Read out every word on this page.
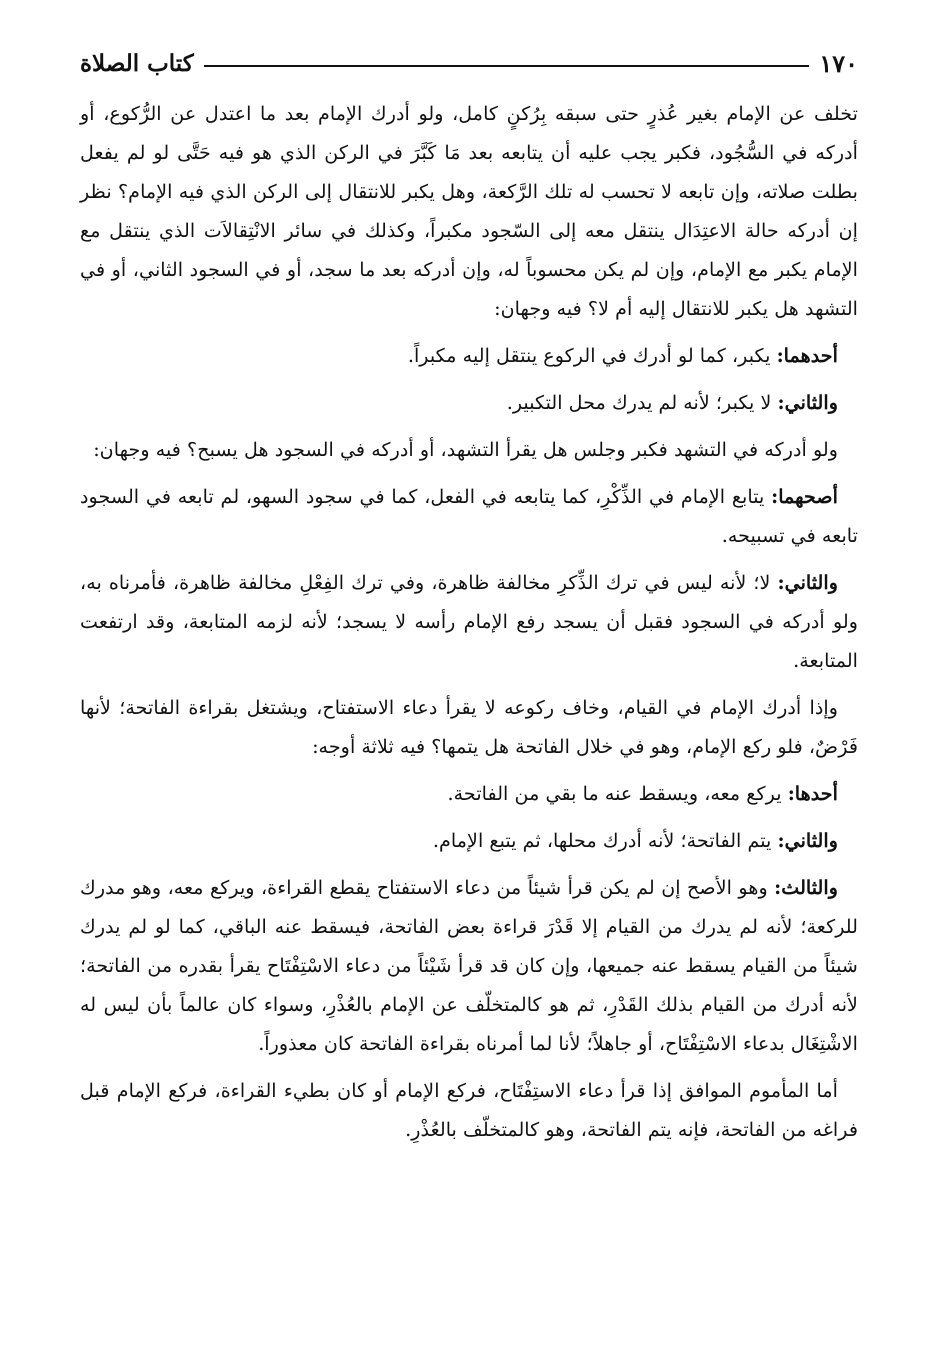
١٧٠
كتاب الصلاة

تخلف عن الإمام بغير عُذرٍ حتى سبقه بِرُكنٍ كامل، ولو أدرك الإمام بعد ما اعتدل عن الرُّكوع، أو أدركه في السُّجُود، فكبر يجب عليه أن يتابعه بعد مَا كَبَّرَ في الركن الذي هو فيه حَتَّى لو لم يفعل بطلت صلاته، وإن تابعه لا تحسب له تلك الرَّكعة، وهل يكبر للانتقال إلى الركن الذي فيه الإمام؟ نظر إن أدركه حالة الاعتِدَال ينتقل معه إلى السّجود مكبراً، وكذلك في سائر الانْتِقالاَت الذي ينتقل مع الإمام يكبر مع الإمام، وإن لم يكن محسوباً له، وإن أدركه بعد ما سجد، أو في السجود الثاني، أو في التشهد هل يكبر للانتقال إليه أم لا؟ فيه وجهان:

أحدهما: يكبر، كما لو أدرك في الركوع ينتقل إليه مكبراً.

والثاني: لا يكبر؛ لأنه لم يدرك محل التكبير.

ولو أدركه في التشهد فكبر وجلس هل يقرأ التشهد، أو أدركه في السجود هل يسبح؟ فيه وجهان:

أصحهما: يتابع الإمام في الذِّكْرِ، كما يتابعه في الفعل، كما في سجود السهو، لم تابعه في السجود تابعه في تسبيحه.

والثاني: لا؛ لأنه ليس في ترك الذِّكرِ مخالفة ظاهرة، وفي ترك الفِعْلِ مخالفة ظاهرة، فأمرناه به، ولو أدركه في السجود فقبل أن يسجد رفع الإمام رأسه لا يسجد؛ لأنه لزمه المتابعة، وقد ارتفعت المتابعة.

وإذا أدرك الإمام في القيام، وخاف ركوعه لا يقرأ دعاء الاستفتاح، ويشتغل بقراءة الفاتحة؛ لأنها فَرْضٌ، فلو ركع الإمام، وهو في خلال الفاتحة هل يتمها؟ فيه ثلاثة أوجه:

أحدها: يركع معه، ويسقط عنه ما بقي من الفاتحة.

والثاني: يتم الفاتحة؛ لأنه أدرك محلها، ثم يتبع الإمام.

والثالث: وهو الأصح إن لم يكن قرأ شيئاً من دعاء الاستفتاح يقطع القراءة، ويركع معه، وهو مدرك للركعة؛ لأنه لم يدرك من القيام إلا قَدْرَ قراءة بعض الفاتحة، فيسقط عنه الباقي، كما لو لم يدرك شيئاً من القيام يسقط عنه جميعها، وإن كان قد قرأ شَيْئاً من دعاء الاسْتِفْتَاح يقرأ بقدره من الفاتحة؛ لأنه أدرك من القيام بذلك القَدْرِ، ثم هو كالمتخلّف عن الإمام بالعُذْرِ، وسواء كان عالماً بأن ليس له الاشْتِغَال بدعاء الاسْتِفْتَاح، أو جاهلاً؛ لأنا لما أمرناه بقراءة الفاتحة كان معذوراً.

أما المأموم الموافق إذا قرأ دعاء الاستِفْتَاح، فركع الإمام أو كان بطيء القراءة، فركع الإمام قبل فراغه من الفاتحة، فإنه يتم الفاتحة، وهو كالمتخلّف بالعُذْرِ.
